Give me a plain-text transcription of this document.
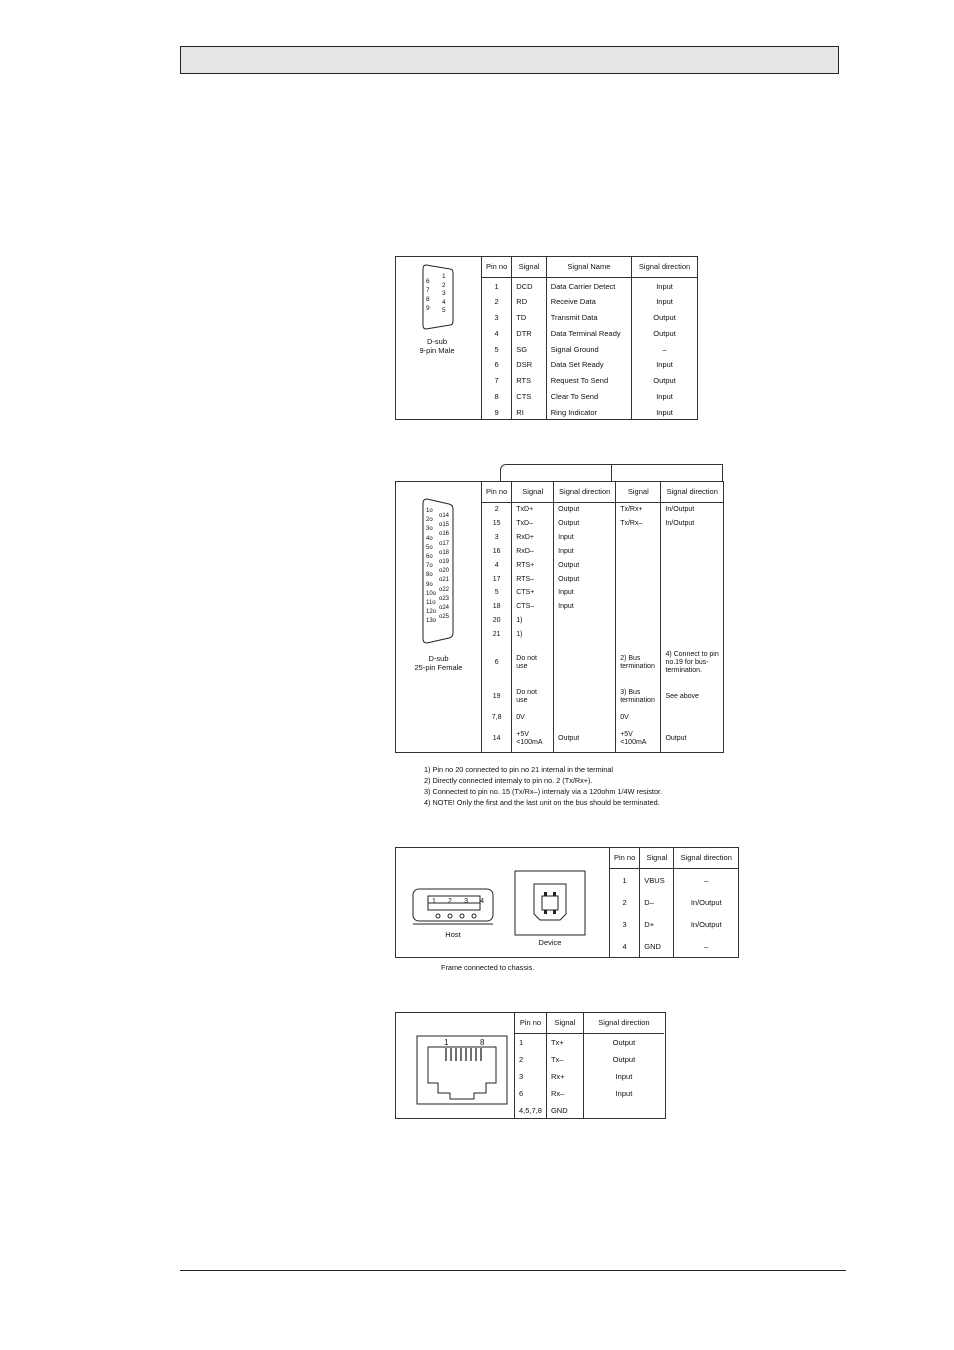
6
7
8
9
1
2
3
4
5
D-sub
9-pin Male
Pin no	Signal	Signal Name	Signal direction
1	DCD	Data Carrier Detect	Input
2	RD	Receive Data	Input
3	TD	Transmit Data	Output
4	DTR	Data Terminal Ready	Output
5	SG	Signal Ground	–
6	DSR	Data Set Ready	Input
7	RTS	Request To Send	Output
8	CTS	Clear To Send	Input
9	RI	Ring Indicator	Input
1o
2o
3o
4o
5o
6o
7o
8o
9o
10o
11o
12o
13o
o14
o15
o16
o17
o18
o19
o20
o21
o22
o23
o24
o25
D-sub
25-pin Female
Pin no	Signal	Signal direction	Signal	Signal direction
2	TxD+	Output	Tx/Rx+	In/Output
15	TxD–	Output	Tx/Rx–	In/Output
3	RxD+	Input		
16	RxD–	Input		
4	RTS+	Output		
17	RTS–	Output		
5	CTS+	Input		
18	CTS–	Input		
20	1)			
21	1)			
6	Do not use		2) Bus termination	4) Connect to pin no.19 for bus-termination.
19	Do not use		3) Bus termination	See above
7,8	0V		0V	
14	+5V <100mA	Output	+5V <100mA	Output
1) Pin no 20 connected to pin no 21 internal in the terminal
2) Directly connected internaly to pin no. 2 (Tx/Rx+).
3) Connected to pin no. 15 (Tx/Rx–) internaly via a 120ohm 1/4W resistor.
4) NOTE! Only the first and the last unit on the bus should be terminated.
1 2 3 4
Host
Device
Pin no	Signal	Signal direction
1	VBUS	–
2	D–	In/Output
3	D+	In/Output
4	GND	–
Frame connected to chassis.
1	8
Pin no	Signal	Signal direction
1	Tx+	Output
2	Tx–	Output
3	Rx+	Input
6	Rx–	Input
4,5,7,8	GND	
